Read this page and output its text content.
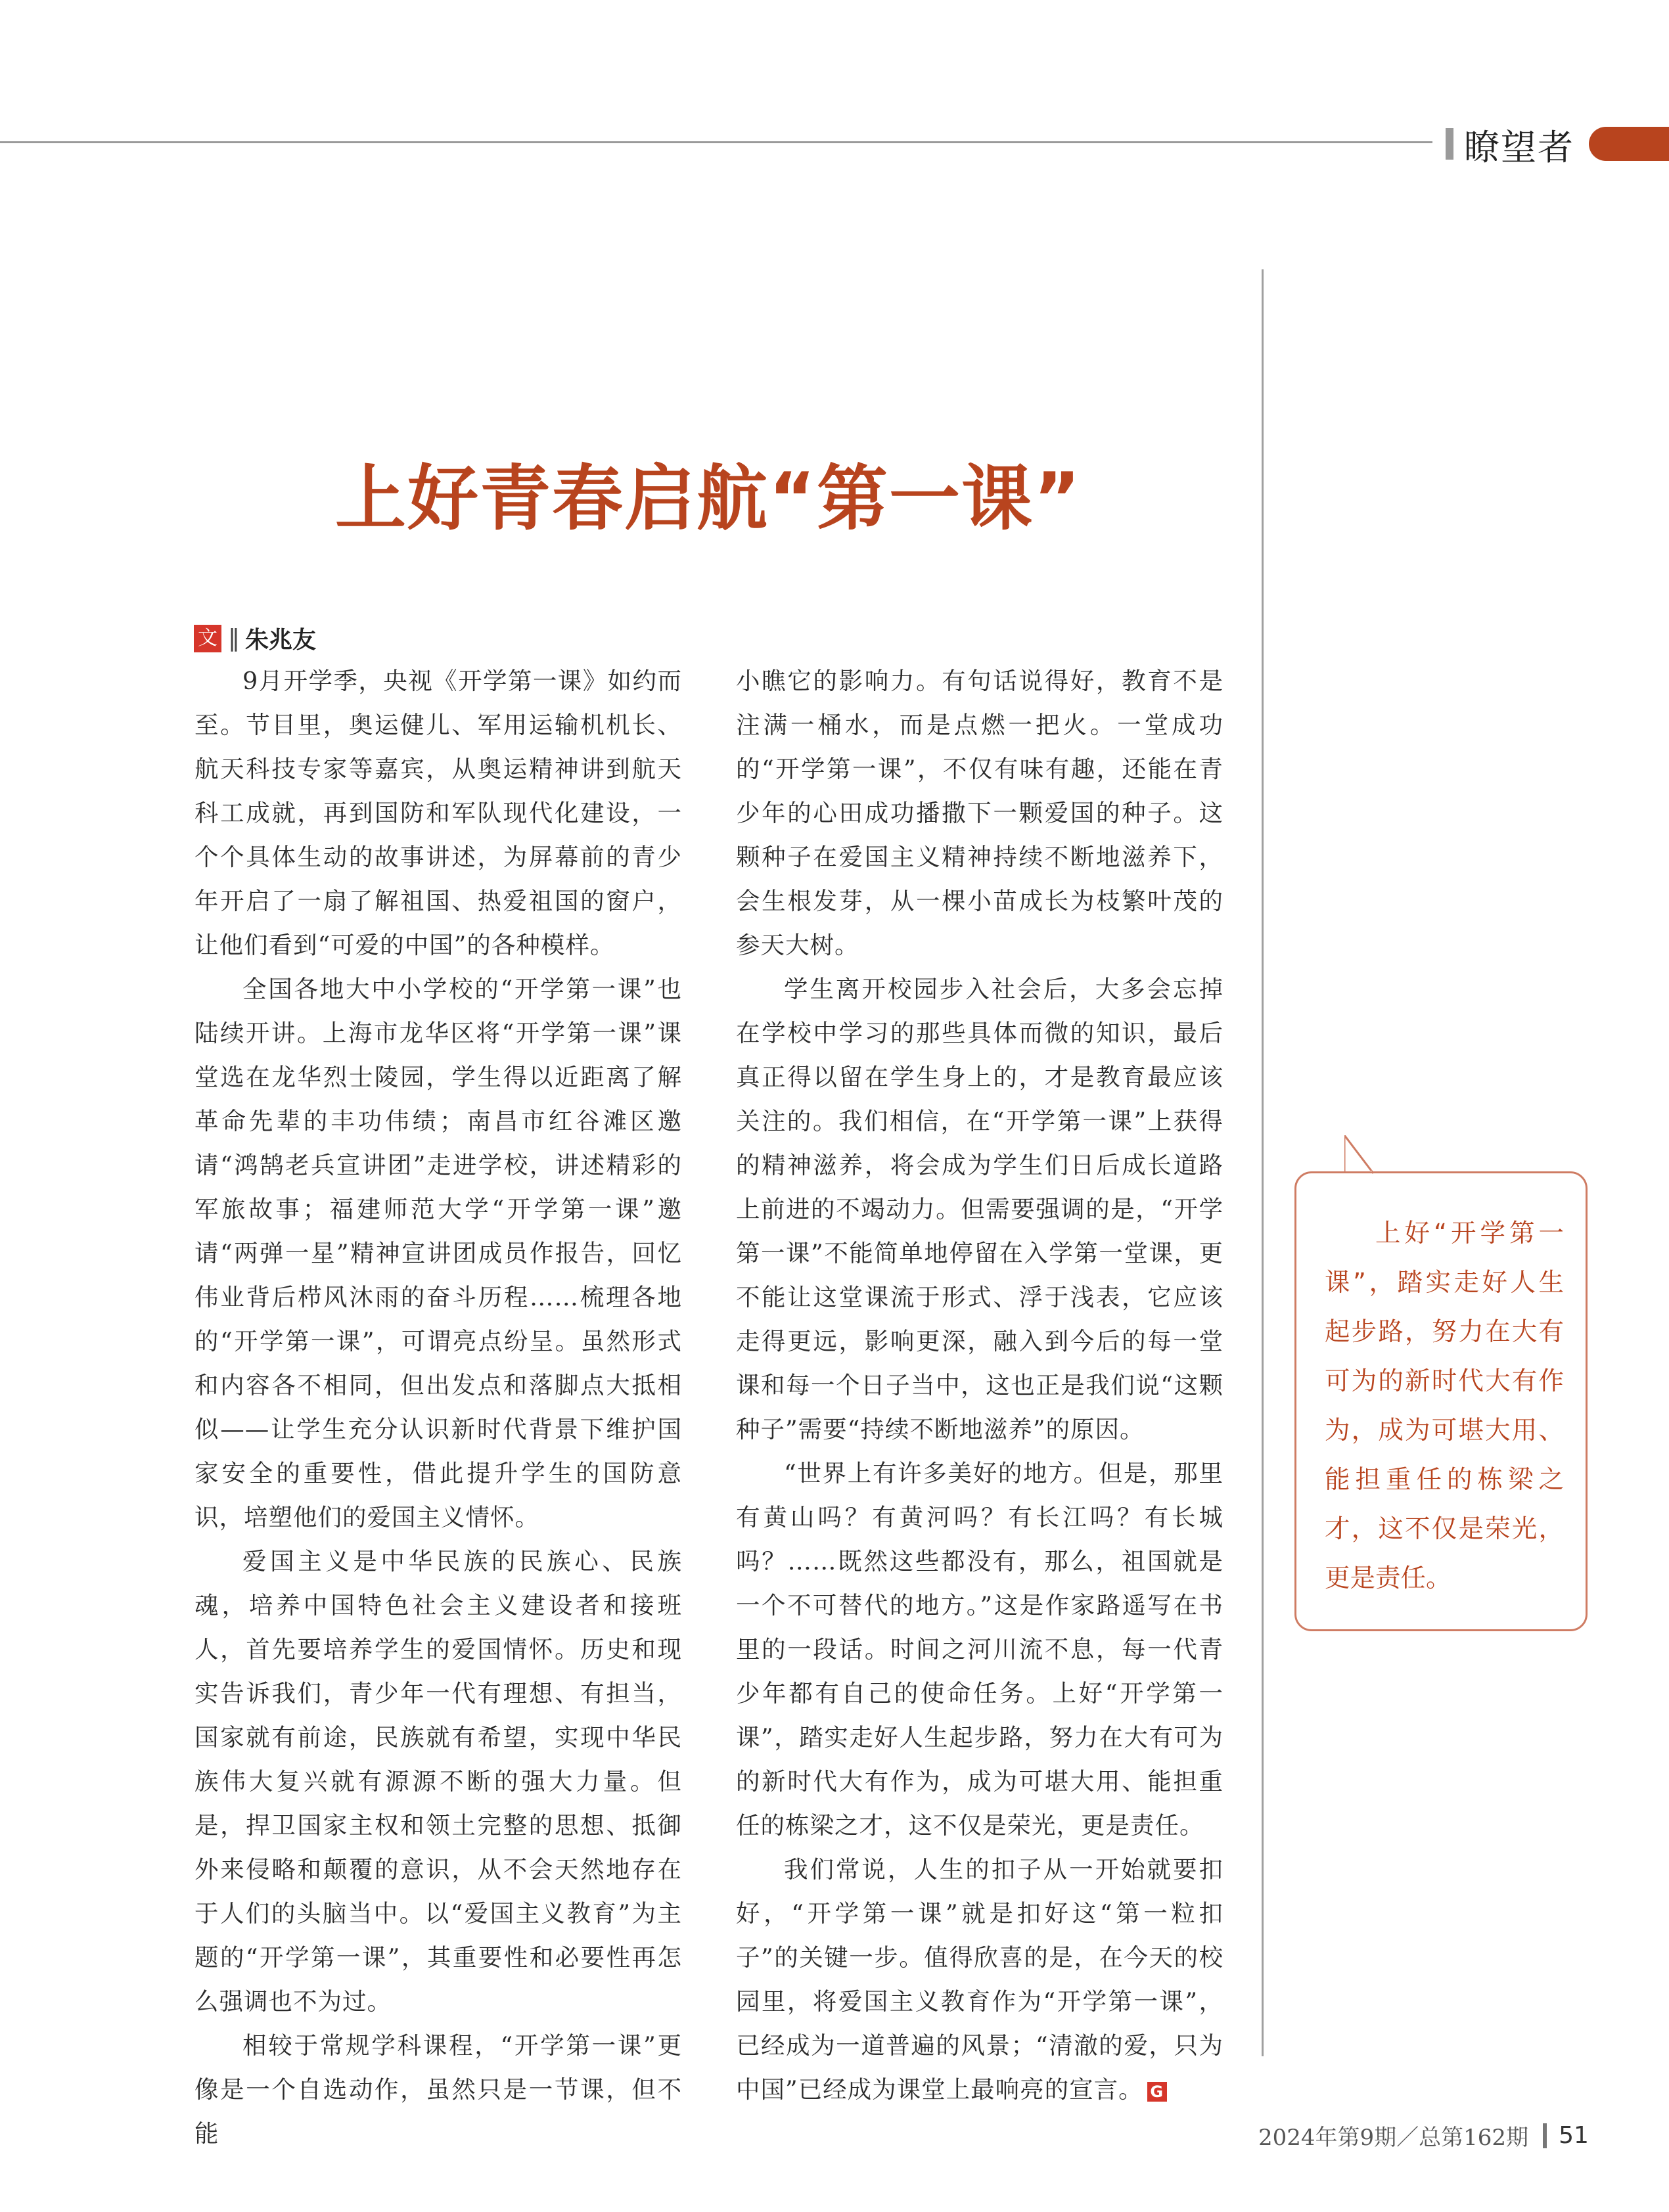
瞭望者
上好青春启航“第一课”
文 ‖ 朱兆友

9月开学季，央视《开学第一课》如约而至。节目里，奥运健儿、军用运输机机长、航天科技专家等嘉宾，从奥运精神讲到航天科工成就，再到国防和军队现代化建设，一个个具体生动的故事讲述，为屏幕前的青少年开启了一扇了解祖国、热爱祖国的窗户，让他们看到“可爱的中国”的各种模样。

全国各地大中小学校的“开学第一课”也陆续开讲。上海市龙华区将“开学第一课”课堂选在龙华烈士陵园，学生得以近距离了解革命先辈的丰功伟绩；南昌市红谷滩区邀请“鸿鹄老兵宣讲团”走进学校，讲述精彩的军旅故事；福建师范大学“开学第一课”邀请“两弹一星”精神宣讲团成员作报告，回忆伟业背后栉风沐雨的奋斗历程……梳理各地的“开学第一课”，可谓亮点纷呈。虽然形式和内容各不相同，但出发点和落脚点大抵相似——让学生充分认识新时代背景下维护国家安全的重要性，借此提升学生的国防意识，培塑他们的爱国主义情怀。

爱国主义是中华民族的民族心、民族魂，培养中国特色社会主义建设者和接班人，首先要培养学生的爱国情怀。历史和现实告诉我们，青少年一代有理想、有担当，国家就有前途，民族就有希望，实现中华民族伟大复兴就有源源不断的强大力量。但是，捍卫国家主权和领土完整的思想、抵御外来侵略和颠覆的意识，从不会天然地存在于人们的头脑当中。以“爱国主义教育”为主题的“开学第一课”，其重要性和必要性再怎么强调也不为过。

相较于常规学科课程，“开学第一课”更像是一个自选动作，虽然只是一节课，但不能

小瞧它的影响力。有句话说得好，教育不是注满一桶水，而是点燃一把火。一堂成功的“开学第一课”，不仅有味有趣，还能在青少年的心田成功播撒下一颗爱国的种子。这颗种子在爱国主义精神持续不断地滋养下，会生根发芽，从一棵小苗成长为枝繁叶茂的参天大树。

学生离开校园步入社会后，大多会忘掉在学校中学习的那些具体而微的知识，最后真正得以留在学生身上的，才是教育最应该关注的。我们相信，在“开学第一课”上获得的精神滋养，将会成为学生们日后成长道路上前进的不竭动力。但需要强调的是，“开学第一课”不能简单地停留在入学第一堂课，更不能让这堂课流于形式、浮于浅表，它应该走得更远，影响更深，融入到今后的每一堂课和每一个日子当中，这也正是我们说“这颗种子”需要“持续不断地滋养”的原因。

“世界上有许多美好的地方。但是，那里有黄山吗？有黄河吗？有长江吗？有长城吗？……既然这些都没有，那么，祖国就是一个不可替代的地方。”这是作家路遥写在书里的一段话。时间之河川流不息，每一代青少年都有自己的使命任务。上好“开学第一课”，踏实走好人生起步路，努力在大有可为的新时代大有作为，成为可堪大用、能担重任的栋梁之才，这不仅是荣光，更是责任。

我们常说，人生的扣子从一开始就要扣好，“开学第一课”就是扣好这“第一粒扣子”的关键一步。值得欣喜的是，在今天的校园里，将爱国主义教育作为“开学第一课”，已经成为一道普遍的风景；“清澈的爱，只为中国”已经成为课堂上最响亮的宣言。 G

上好“开学第一课”，踏实走好人生起步路，努力在大有可为的新时代大有作为，成为可堪大用、能担重任的栋梁之才，这不仅是荣光，更是责任。
2024年第9期／总第162期 51
